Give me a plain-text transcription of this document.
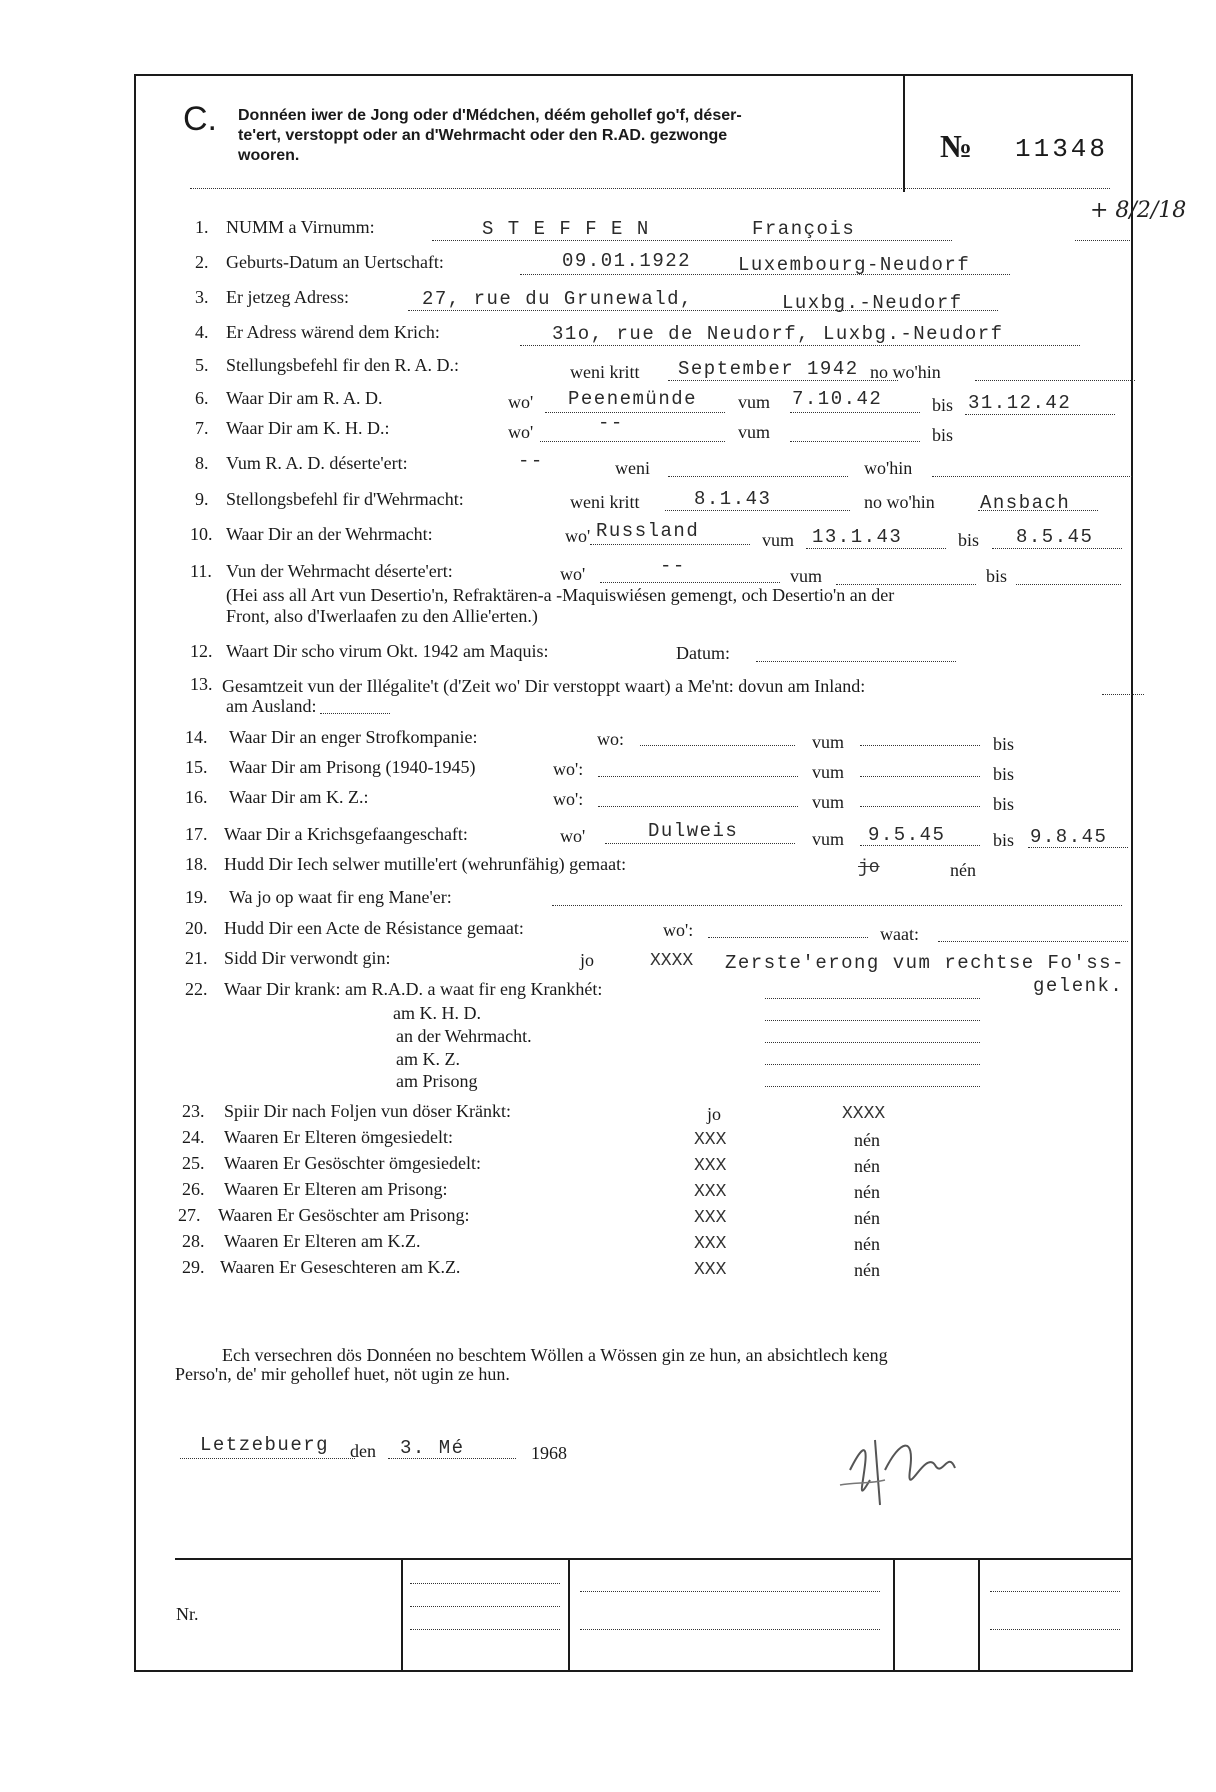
C. Donnéen iwer de Jong oder d'Médchen, déém gehollef go'f, déser-
te'ert, verstoppt oder an d'Wehrmacht oder den R.AD. gezwonge
wooren.	№ 11348
+ 8/2/18
1. NUMM a Virnumm:	S T E F F E N	François
2. Geburts-Datum an Uertschaft:	09.01.1922 Luxembourg-Neudorf
3. Er jetzeg Adress:	27, rue du Grunewald,	Luxbg.-Neudorf
4. Er Adress wärend dem Krich:	31o, rue de Neudorf, Luxbg.-Neudorf
5. Stellungsbefehl fir den R. A. D.:	weni kritt September 1942 no wo'hin
6. Waar Dir am R. A. D.	wo' Peenemünde vum 7.10.42	bis 31.12.42
7. Waar Dir am K. H. D.:	wo'	--	vum	bis
8. Vum R. A. D. déserte'ert:	--	weni	wo'hin
9. Stellongsbefehl fir d'Wehrmacht:	weni kritt	8.1.43	no wo'hin Ansbach
10. Waar Dir an der Wehrmacht:	wo' Russland	vum 13.1.43	bis 8.5.45
11. Vun der Wehrmacht déserte'ert:	wo'	--	vum	bis
(Hei ass all Art vun Desertio'n, Refraktären-a -Maquiswiésen gemengt, och Desertio'n an der
Front, also d'Iwerlaafen zu den Allie'erten.)
12. Waart Dir scho virum Okt. 1942 am Maquis:	Datum:
13. Gesamtzeit vun der Illégalite't (d'Zeit wo' Dir verstoppt waart) a Me'nt: dovun am Inland:
am Ausland:
14. Waar Dir an enger Strofkompanie:	wo:	vum	bis
15. Waar Dir am Prisong (1940-1945)	wo':	vum	bis
16. Waar Dir am K. Z.:	wo':	vum	bis
17. Waar Dir a Krichsgefaangeschaft:	wo'	Dulweis	vum 9.5.45	bis 9.8.45
18. Hudd Dir Iech selwer mutille'ert (wehrunfähig) gemaat:	jo	nén
19. Wa jo op waat fir eng Mane'er:
20. Hudd Dir een Acte de Résistance gemaat:	wo':	waat:
21. Sidd Dir verwondt gin:	jo	XXXX Zerste'erong vum rechtse Fo'ss-
gelenk.
22. Waar Dir krank: am R.A.D. a waat fir eng Krankhét:
am K. H. D.
an der Wehrmacht.
am K. Z.
am Prisong
23. Spiir Dir nach Foljen vun döser Kränkt:	jo	XXXX
24. Waaren Er Elteren ömgesiedelt:	XXX	nén
25. Waaren Er Gesöschter ömgesiedelt:	XXX	nén
26. Waaren Er Elteren am Prisong:	XXX	nén
27. Waaren Er Gesöschter am Prisong:	XXX	nén
28. Waaren Er Elteren am K.Z.	XXX	nén
29. Waaren Er Geseschteren am K.Z.	XXX	nén
Ech versechren dös Donnéen no beschtem Wöllen a Wössen gin ze hun, an absichtlech keng
Perso'n, de' mir gehollef huet, nöt ugin ze hun.
Letzebuerg den 3. Mé	1968
Nr.
